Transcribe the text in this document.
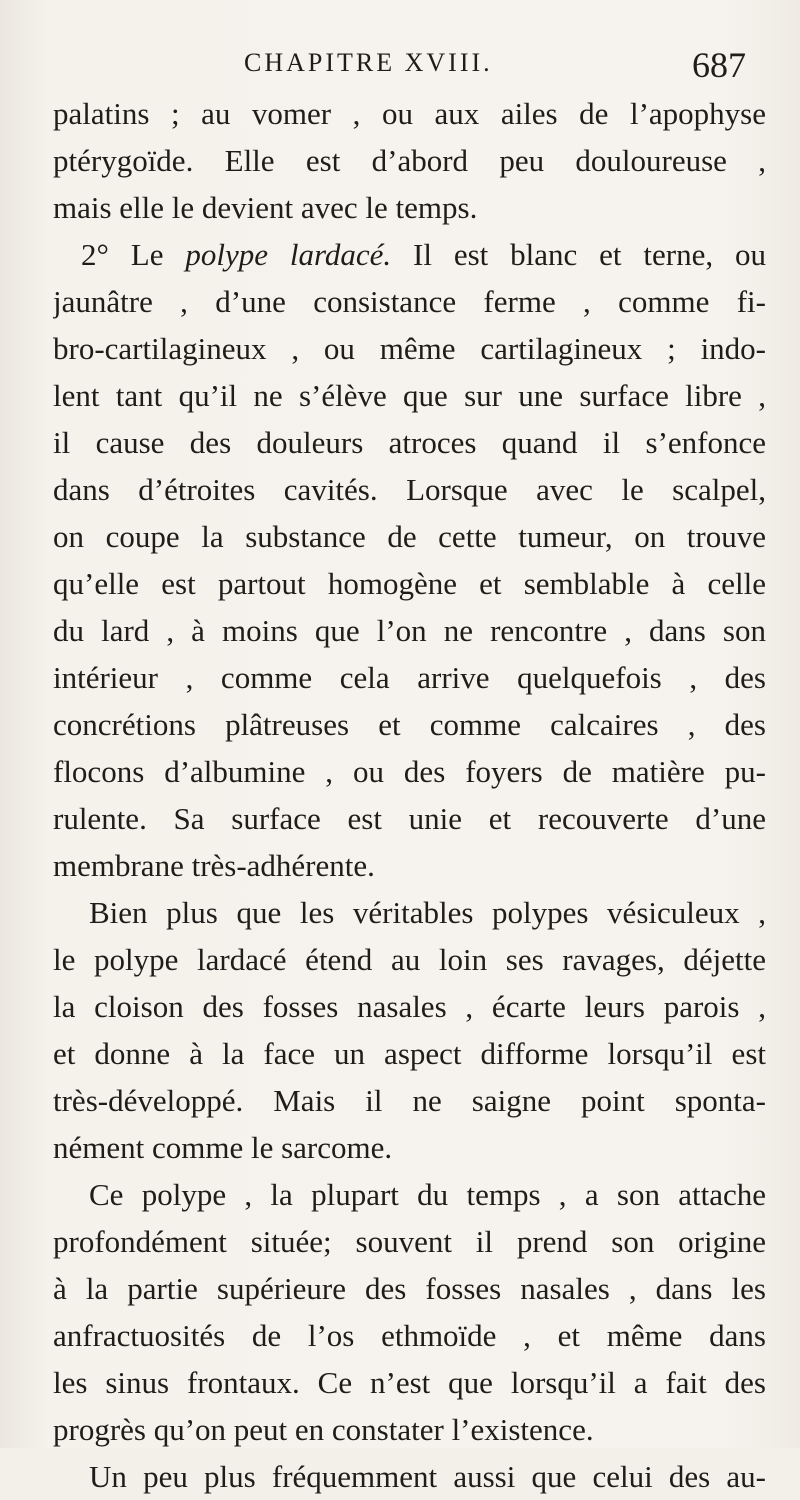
CHAPITRE XVIII.	687
palatins ; au vomer , ou aux ailes de l’apophyse
ptérygoïde. Elle est d’abord peu douloureuse ,
mais elle le devient avec le temps.
2° Le polype lardacé. Il est blanc et terne, ou
jaunâtre , d’une consistance ferme , comme fi-
bro-cartilagineux , ou même cartilagineux ; indo-
lent tant qu’il ne s’élève que sur une surface libre ,
il cause des douleurs atroces quand il s’enfonce
dans d’étroites cavités. Lorsque avec le scalpel,
on coupe la substance de cette tumeur, on trouve
qu’elle est partout homogène et semblable à celle
du lard , à moins que l’on ne rencontre , dans son
intérieur , comme cela arrive quelquefois , des
concrétions plâtreuses et comme calcaires , des
flocons d’albumine , ou des foyers de matière pu-
rulente. Sa surface est unie et recouverte d’une
membrane très-adhérente.
Bien plus que les véritables polypes vésiculeux ,
le polype lardacé étend au loin ses ravages, déjette
la cloison des fosses nasales , écarte leurs parois ,
et donne à la face un aspect difforme lorsqu’il est
très-développé. Mais il ne saigne point sponta-
nément comme le sarcome.
Ce polype , la plupart du temps , a son attache
profondément située; souvent il prend son origine
à la partie supérieure des fosses nasales , dans les
anfractuosités de l’os ethmoïde , et même dans
les sinus frontaux. Ce n’est que lorsqu’il a fait des
progrès qu’on peut en constater l’existence.
Un peu plus fréquemment aussi que celui des au-
